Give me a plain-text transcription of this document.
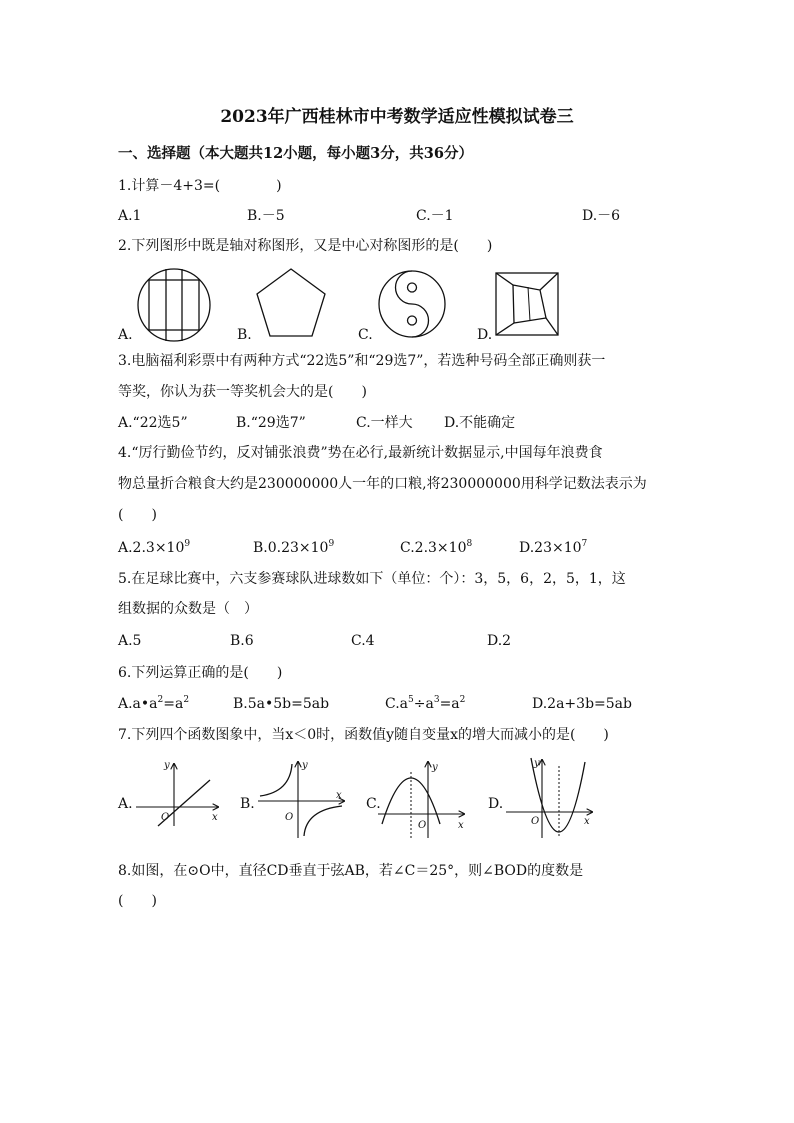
2023年广西桂林市中考数学适应性模拟试卷三
一、选择题（本大题共12小题，每小题3分，共36分）
1.计算－4+3=(　　　　)
A.1	B.－5	C.－1	D.－6
2.下列图形中既是轴对称图形，又是中心对称图形的是(　　)
A.	B.	C.	D.
3.电脑福利彩票中有两种方式“22选5”和“29选7”，若选种号码全部正确则获一
等奖，你认为获一等奖机会大的是(　　)
A.“22选5”	B.“29选7”	C.一样大 D.不能确定
4.“厉行勤俭节约，反对铺张浪费”势在必行,最新统计数据显示,中国每年浪费食
物总量折合粮食大约是230000000人一年的口粮,将230000000用科学记数法表示为
(　　)
$A.2.3\times 10^9$	$B.0.23\times 10^9$	$C.2.3\times 10^8$	$D.23\times 10^7$
5.在足球比赛中，六支参赛球队进球数如下（单位：个）：3，5，6，2，5，1，这
组数据的众数是（　）
A.5	B.6	C.4	D.2
6.下列运算正确的是(　　)
$A.a•a^2=a^2$	B.5a•5b=5ab	$C.a^5\div a^3=a^2$	D.2a+3b=5ab
7.下列四个函数图象中，当x＜0时，函数值y随自变量x的增大而减小的是(　　)
A.	B.	C.	D.
y
x
O
y
x
O
y
x
O
y
x
O
8.如图，在⊙O中，直径CD垂直于弦AB，若∠C＝25°，则∠BOD的度数是
(　　)
